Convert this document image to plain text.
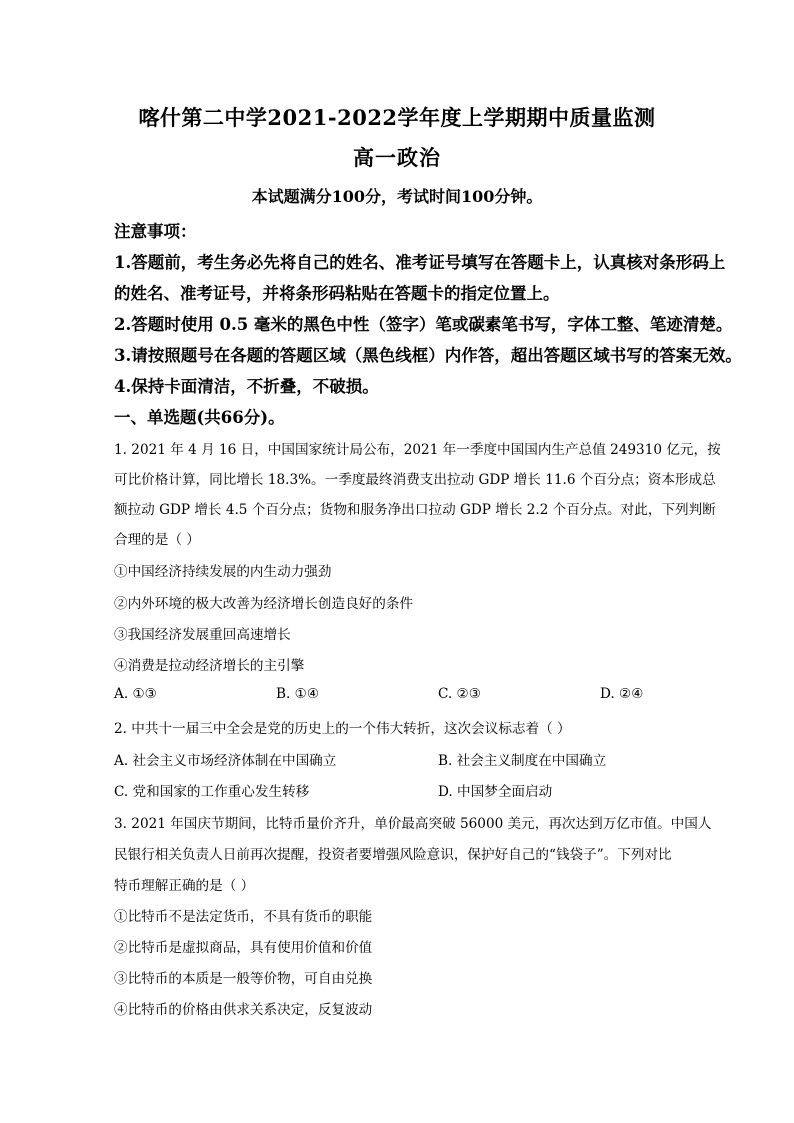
喀什第二中学2021-2022学年度上学期期中质量监测
高一政治
本试题满分100分，考试时间100分钟。
注意事项：
1.答题前，考生务必先将自己的姓名、准考证号填写在答题卡上，认真核对条形码上
的姓名、准考证号，并将条形码粘贴在答题卡的指定位置上。
2.答题时使用 0.5 毫米的黑色中性（签字）笔或碳素笔书写，字体工整、笔迹清楚。
3.请按照题号在各题的答题区域（黑色线框）内作答，超出答题区域书写的答案无效。
4.保持卡面清洁，不折叠，不破损。
一、单选题(共66分)。
1. 2021 年 4 月 16 日，中国国家统计局公布，2021 年一季度中国国内生产总值 249310 亿元，按
可比价格计算，同比增长 18.3%。一季度最终消费支出拉动 GDP 增长 11.6 个百分点；资本形成总
额拉动 GDP 增长 4.5 个百分点；货物和服务净出口拉动 GDP 增长 2.2 个百分点。对此，下列判断
合理的是（ ）
①中国经济持续发展的内生动力强劲
②内外环境的极大改善为经济增长创造良好的条件
③我国经济发展重回高速增长
④消费是拉动经济增长的主引擎
A. ①③	B. ①④	C. ②③	D. ②④
2. 中共十一届三中全会是党的历史上的一个伟大转折，这次会议标志着（ ）
A. 社会主义市场经济体制在中国确立	B. 社会主义制度在中国确立
C. 党和国家的工作重心发生转移	D. 中国梦全面启动
3. 2021 年国庆节期间，比特币量价齐升，单价最高突破 56000 美元，再次达到万亿市值。中国人
民银行相关负责人日前再次提醒，投资者要增强风险意识，保护好自己的“钱袋子”。下列对比
特币理解正确的是（ ）
①比特币不是法定货币，不具有货币的职能
②比特币是虚拟商品，具有使用价值和价值
③比特币的本质是一般等价物，可自由兑换
④比特币的价格由供求关系决定，反复波动
